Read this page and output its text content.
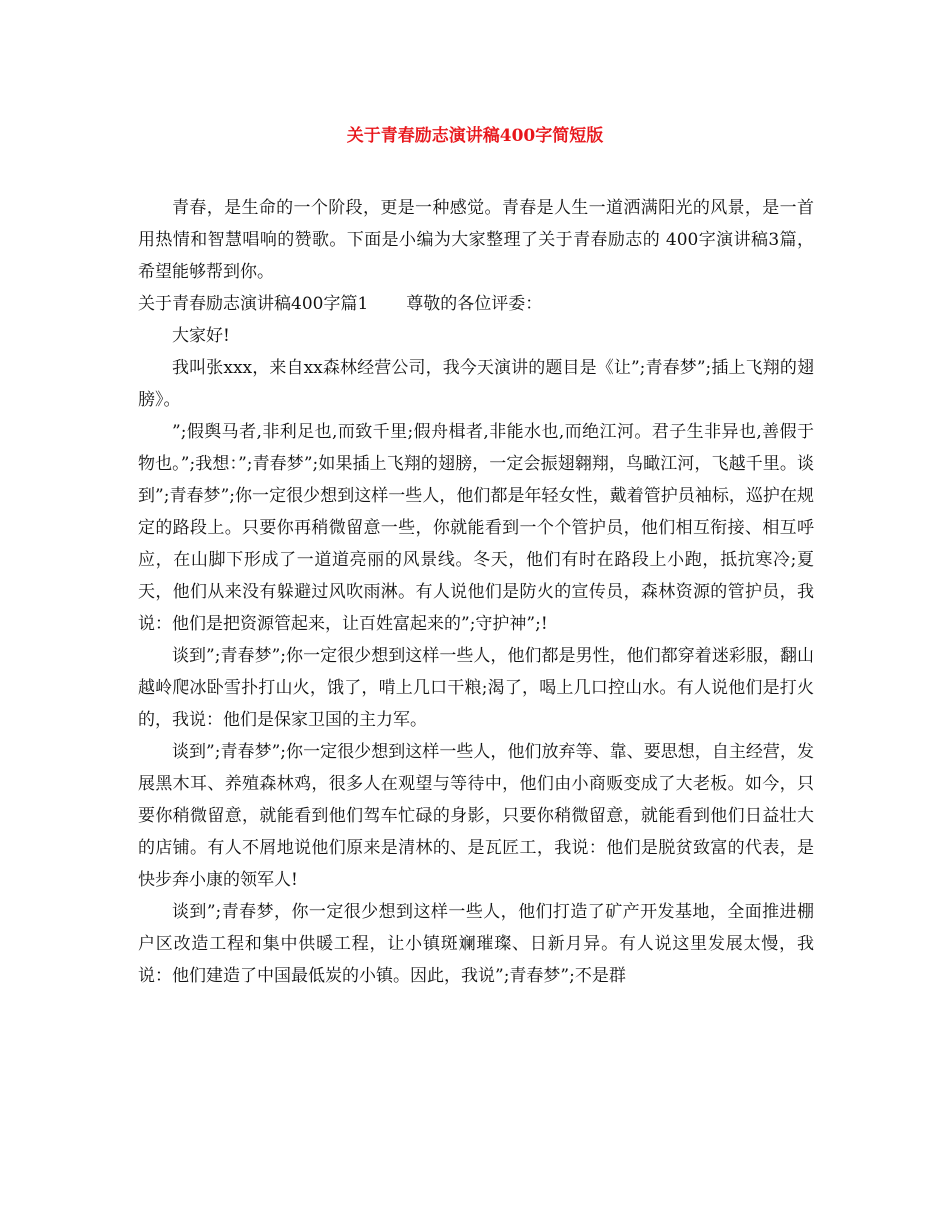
关于青春励志演讲稿400字简短版

青春，是生命的一个阶段，更是一种感觉。青春是人生一道洒满阳光的风景，是一首用热情和智慧唱响的赞歌。下面是小编为大家整理了关于青春励志的 400字演讲稿3篇，希望能够帮到你。

关于青春励志演讲稿400字篇1 尊敬的各位评委：

大家好!

我叫张xxx，来自xx森林经营公司，我今天演讲的题目是《让”;青春梦”;插上飞翔的翅膀》。

”;假舆马者,非利足也,而致千里;假舟楫者,非能水也,而绝江河。君子生非异也,善假于物也。”;我想：”;青春梦”;如果插上飞翔的翅膀，一定会振翅翱翔，鸟瞰江河，飞越千里。谈到”;青春梦”;你一定很少想到这样一些人，他们都是年轻女性，戴着管护员袖标，巡护在规定的路段上。只要你再稍微留意一些，你就能看到一个个管护员，他们相互衔接、相互呼应，在山脚下形成了一道道亮丽的风景线。冬天，他们有时在路段上小跑，抵抗寒冷;夏天，他们从来没有躲避过风吹雨淋。有人说他们是防火的宣传员，森林资源的管护员，我说：他们是把资源管起来，让百姓富起来的”;守护神”;!

谈到”;青春梦”;你一定很少想到这样一些人，他们都是男性，他们都穿着迷彩服，翻山越岭爬冰卧雪扑打山火，饿了，啃上几口干粮;渴了，喝上几口控山水。有人说他们是打火的，我说：他们是保家卫国的主力军。

谈到”;青春梦”;你一定很少想到这样一些人，他们放弃等、靠、要思想，自主经营，发展黑木耳、养殖森林鸡，很多人在观望与等待中，他们由小商贩变成了大老板。如今，只要你稍微留意，就能看到他们驾车忙碌的身影，只要你稍微留意，就能看到他们日益壮大的店铺。有人不屑地说他们原来是清林的、是瓦匠工，我说：他们是脱贫致富的代表，是快步奔小康的领军人!

谈到”;青春梦，你一定很少想到这样一些人，他们打造了矿产开发基地，全面推进棚户区改造工程和集中供暖工程，让小镇斑斓璀璨、日新月异。有人说这里发展太慢，我说：他们建造了中国最低炭的小镇。因此，我说”;青春梦”;不是群
